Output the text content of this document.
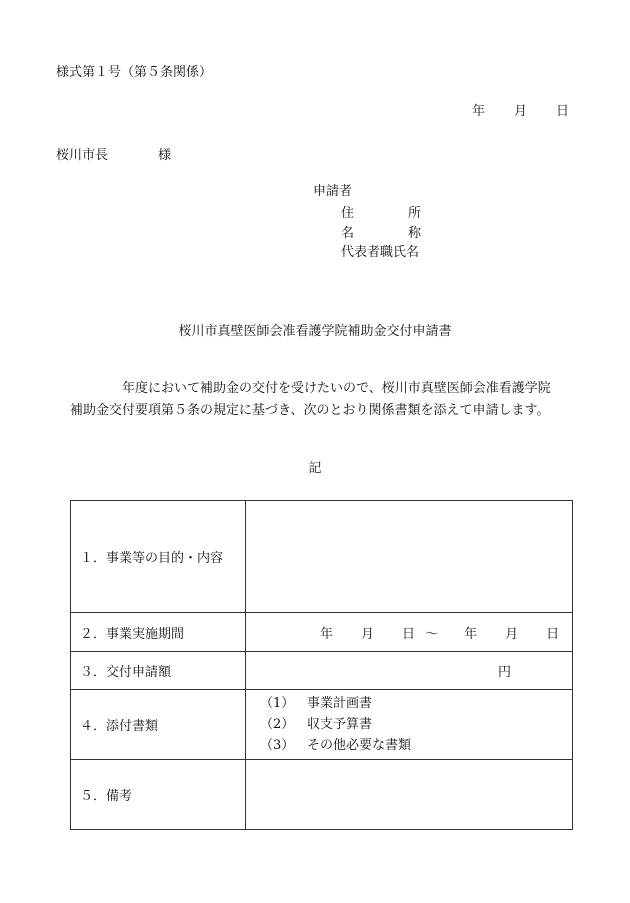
様式第１号（第５条関係）
年 月 日
桜川市長	様
申請者
住所
名称
代表者職氏名
桜川市真壁医師会准看護学院補助金交付申請書
年度において補助金の交付を受けたいので、桜川市真壁医師会准看護学院
補助金交付要項第５条の規定に基づき、次のとおり関係書類を添えて申請します。
記
１．事業等の目的・内容	
２．事業実施期間	年 月 日 ～ 年 月 日
３．交付申請額	円
４．添付書類	（1） 事業計画書
（2） 収支予算書
（3） その他必要な書類

５．備考	
